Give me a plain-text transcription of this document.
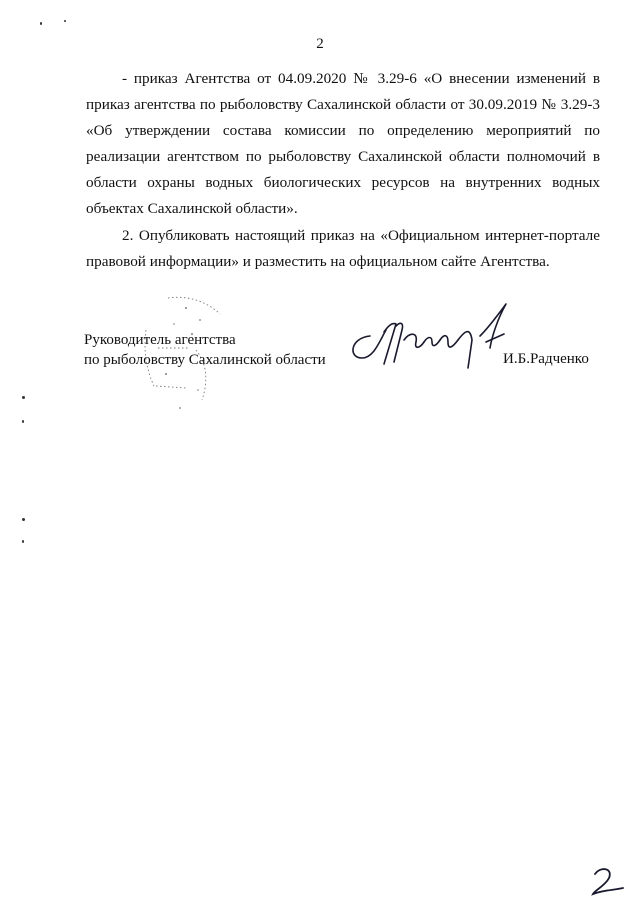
2

- приказ Агентства от 04.09.2020 № 3.29-6 «О внесении изменений в приказ агентства по рыболовству Сахалинской области от 30.09.2019 № 3.29-3 «Об утверждении состава комиссии по определению мероприятий по реализации агентством по рыболовству Сахалинской области полномочий в области охраны водных биологических ресурсов на внутренних водных объектах Сахалинской области».

2. Опубликовать настоящий приказ на «Официальном интернет-портале правовой информации» и разместить на официальном сайте Агентства.

Руководитель агентства
по рыболовству Сахалинской области	И.Б.Радченко
